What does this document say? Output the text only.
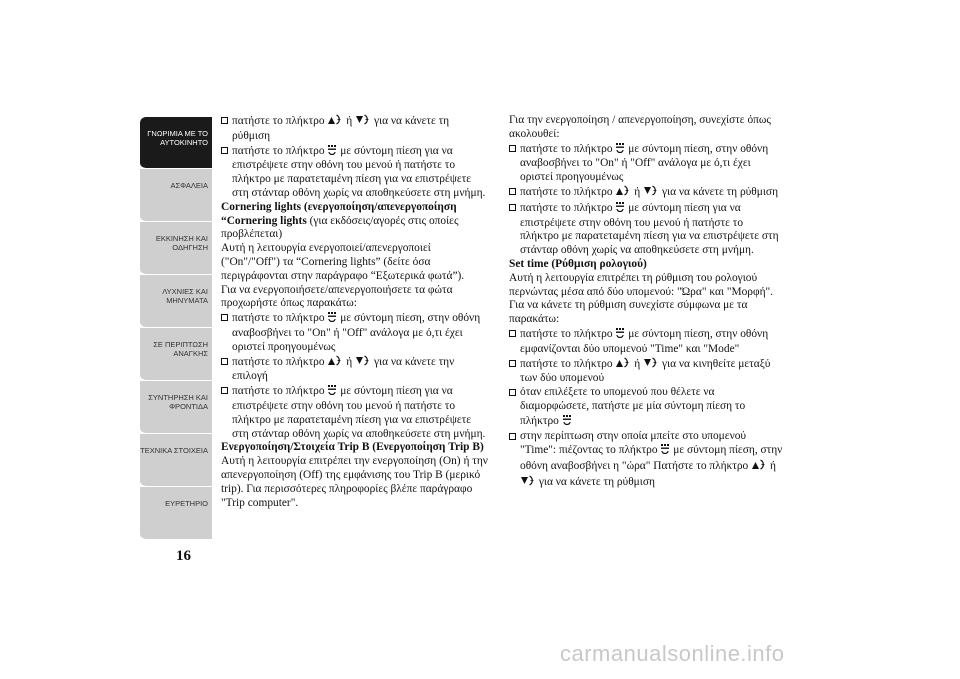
ΓΝΩΡΙΜΙΑ ΜΕ ΤΟ
ΑΥΤΟΚΙΝΗΤΟ
ΑΣΦΑΛΕΙΑ
ΕΚΚΙΝΗΣΗ ΚΑΙ
ΟΔΗΓΗΣΗ
ΛΥΧΝΙΕΣ ΚΑΙ
ΜΗΝΥΜΑΤΑ
ΣΕ ΠΕΡΙΠΤΩΣΗ
ΑΝΑΓΚΗΣ
ΣΥΝΤΗΡΗΣΗ ΚΑΙ
ΦΡΟΝΤΙΔΑ
ΤΕΧΝΙΚΑ ΣΤΟΙΧΕΙΑ
ΕΥΡΕΤΗΡΙΟ
16

πατήστε το πλήκτρο ή για να κάνετε τη ρύθμιση

πατήστε το πλήκτρο με σύντομη πίεση για να επιστρέψετε στην οθόνη του μενού ή πατήστε το πλήκτρο με παρατεταμένη πίεση για να επιστρέψετε στη στάνταρ οθόνη χωρίς να αποθηκεύσετε στη μνήμη.

Cornering lights (ενεργοποίηση/απενεργοποίηση “Cornering lights (για εκδόσεις/αγορές στις οποίες προβλέπεται)

Αυτή η λειτουργία ενεργοποιεί/απενεργοποιεί ("On"/"Off") τα “Cornering lights” (δείτε όσα περιγράφονται στην παράγραφο “Εξωτερικά φωτά”).

Για να ενεργοποιήσετε/απενεργοποιήσετε τα φώτα προχωρήστε όπως παρακάτω:

πατήστε το πλήκτρο με σύντομη πίεση, στην οθόνη αναβοσβήνει το "On" ή "Off" ανάλογα με ό,τι έχει οριστεί προηγουμένως

πατήστε το πλήκτρο ή για να κάνετε την επιλογή

πατήστε το πλήκτρο με σύντομη πίεση για να επιστρέψετε στην οθόνη του μενού ή πατήστε το πλήκτρο με παρατεταμένη πίεση για να επιστρέψετε στη στάνταρ οθόνη χωρίς να αποθηκεύσετε στη μνήμη.

Ενεργοποίηση/Στοιχεία Trip B (Ενεργοποίηση Trip B)

Αυτή η λειτουργία επιτρέπει την ενεργοποίηση (On) ή την απενεργοποίηση (Off) της εμφάνισης του Trip B (μερικό trip). Για περισσότερες πληροφορίες βλέπε παράγραφο "Trip computer".

Για την ενεργοποίηση / απενεργοποίηση, συνεχίστε όπως ακολουθεί:

πατήστε το πλήκτρο με σύντομη πίεση, στην οθόνη αναβοσβήνει το "On" ή "Off" ανάλογα με ό,τι έχει οριστεί προηγουμένως

πατήστε το πλήκτρο ή για να κάνετε τη ρύθμιση

πατήστε το πλήκτρο με σύντομη πίεση για να επιστρέψετε στην οθόνη του μενού ή πατήστε το πλήκτρο με παρατεταμένη πίεση για να επιστρέψετε στη στάνταρ οθόνη χωρίς να αποθηκεύσετε στη μνήμη.

Set time (Ρύθμιση ρολογιού)

Αυτή η λειτουργία επιτρέπει τη ρύθμιση του ρολογιού περνώντας μέσα από δύο υπομενού: "Ώρα" και "Μορφή".

Για να κάνετε τη ρύθμιση συνεχίστε σύμφωνα με τα παρακάτω:

πατήστε το πλήκτρο με σύντομη πίεση, στην οθόνη εμφανίζονται δύο υπομενού "Time" και "Mode"

πατήστε το πλήκτρο ή για να κινηθείτε μεταξύ των δύο υπομενού

όταν επιλέξετε το υπομενού που θέλετε να διαμορφώσετε, πατήστε με μία σύντομη πίεση το πλήκτρο

στην περίπτωση στην οποία μπείτε στο υπομενού "Time": πιέζοντας το πλήκτρο με σύντομη πίεση, στην οθόνη αναβοσβήνει η "ώρα" Πατήστε το πλήκτρο ή  για να κάνετε τη ρύθμιση

carmanualsonline.info
